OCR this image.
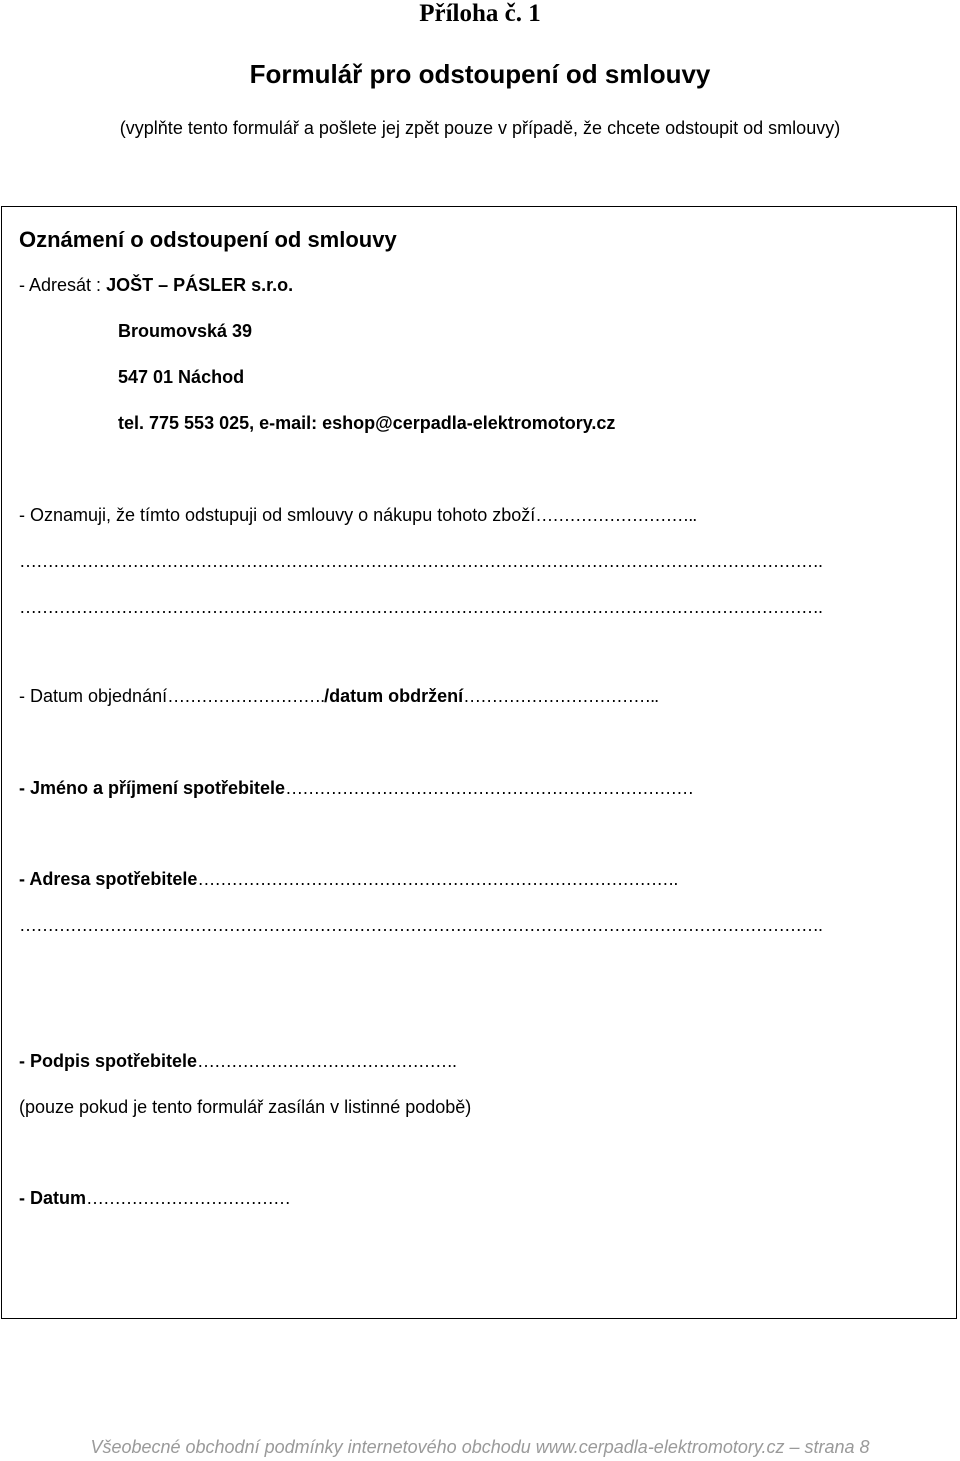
Příloha č. 1
Formulář pro odstoupení od smlouvy
(vyplňte tento formulář a pošlete jej zpět pouze v případě, že chcete odstoupit od smlouvy)
Oznámení o odstoupení od smlouvy
- Adresát : JOŠT – PÁSLER s.r.o.
Broumovská 39
547 01 Náchod
tel. 775 553 025, e-mail: eshop@cerpadla-elektromotory.cz
- Oznamuji, že tímto odstupuji od smlouvy o nákupu tohoto zboží………………………..
…………………………………………………………………………………………………………………………….
…………………………………………………………………………………………………………………………….
- Datum objednání………………………./datum obdržení……………………………..
- Jméno a příjmení spotřebitele………………………………………………………………
- Adresa spotřebitele………………………………………………………………………….
…………………………………………………………………………………………………………………………….
- Podpis spotřebitele……………………………………….
(pouze pokud je tento formulář zasílán v listinné podobě)
- Datum………………………………
Všeobecné obchodní podmínky internetového obchodu www.cerpadla-elektromotory.cz – strana 8
